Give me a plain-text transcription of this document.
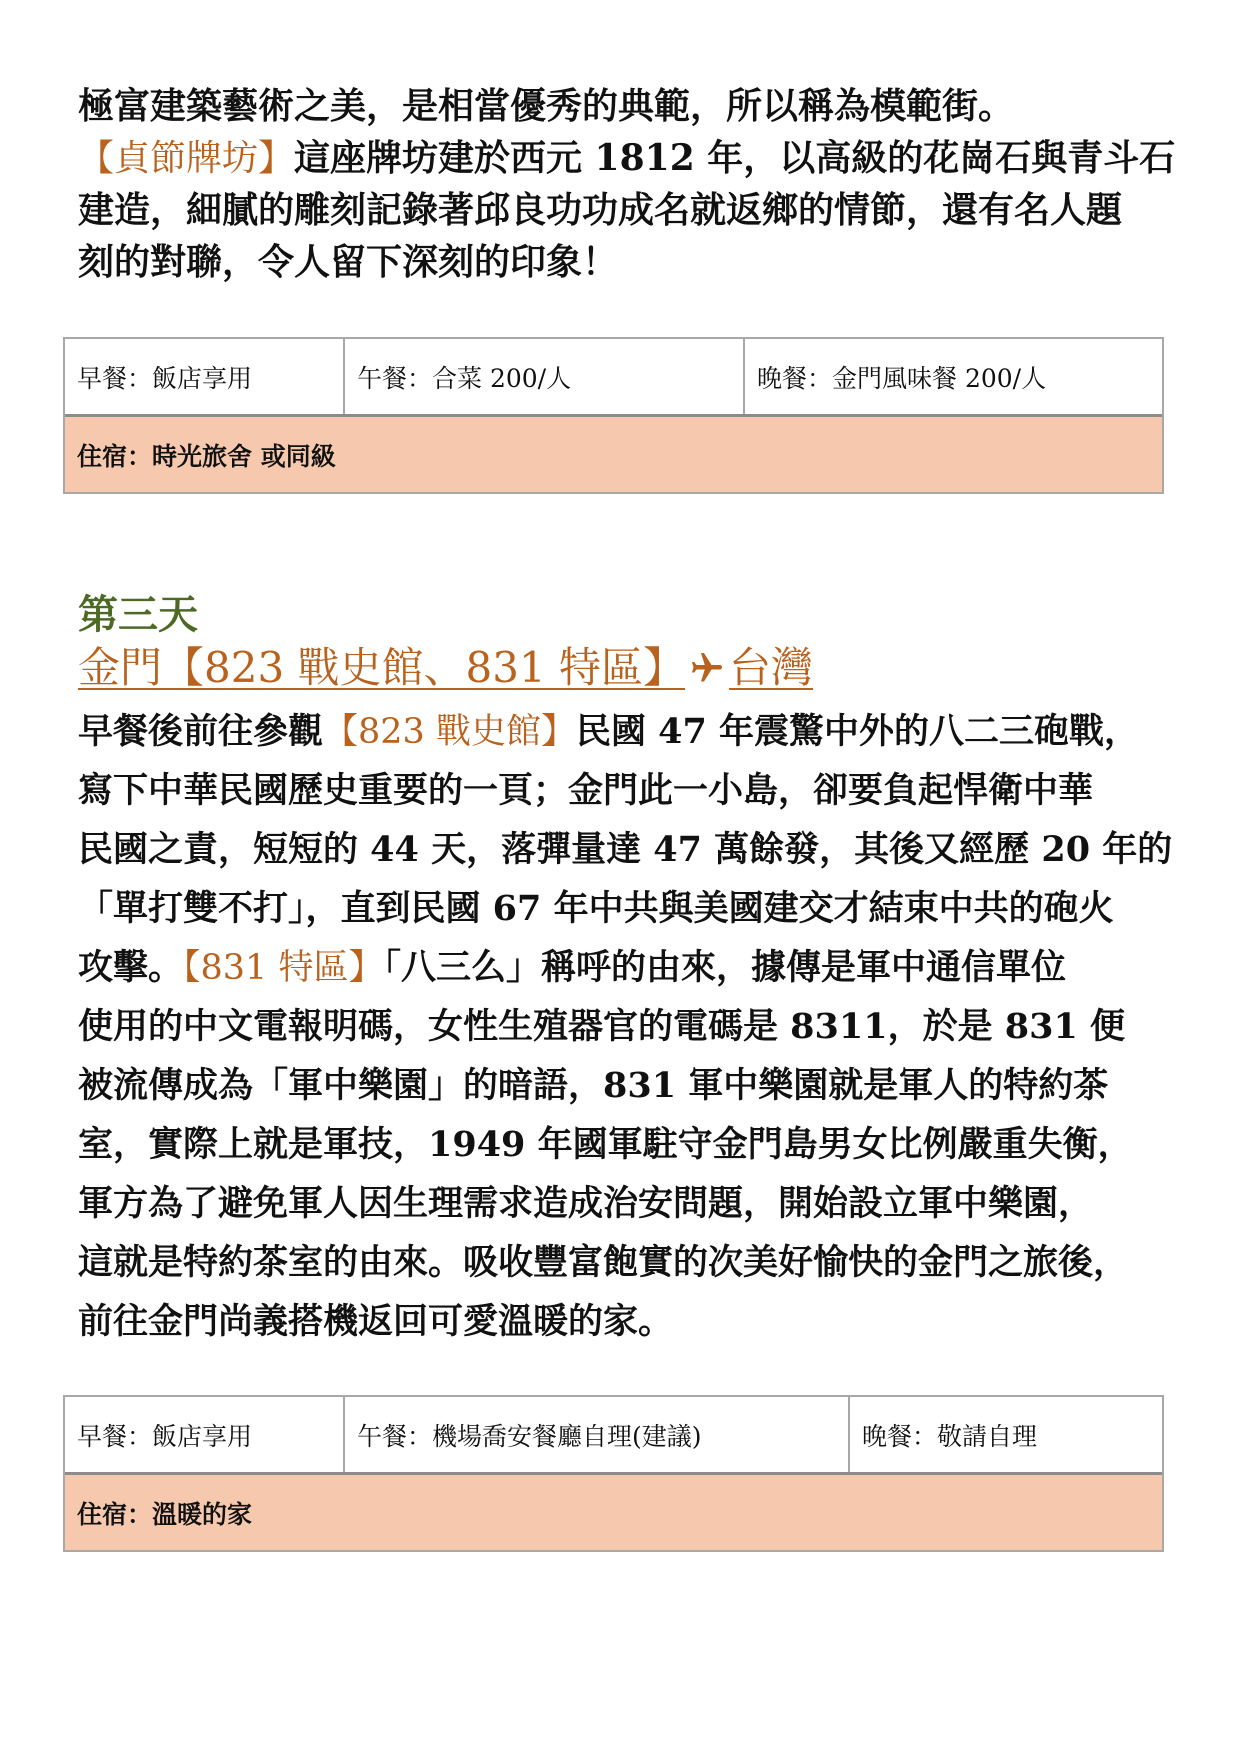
極富建築藝術之美，是相當優秀的典範，所以稱為模範街。
【貞節牌坊】這座牌坊建於西元 1812 年，以高級的花崗石與青斗石
建造，細膩的雕刻記錄著邱良功功成名就返鄉的情節，還有名人題
刻的對聯，令人留下深刻的印象！
早餐：飯店享用	午餐：合菜 200/人	晚餐：金門風味餐 200/人
住宿：時光旅舍 或同級
第三天
金門【823 戰史館、831 特區】 台灣
早餐後前往參觀【823 戰史館】民國 47 年震驚中外的八二三砲戰，
寫下中華民國歷史重要的一頁；金門此一小島，卻要負起悍衛中華
民國之責，短短的 44 天，落彈量達 47 萬餘發，其後又經歷 20 年的
「單打雙不打」，直到民國 67 年中共與美國建交才結束中共的砲火
攻擊。【831 特區】「八三么」稱呼的由來，據傳是軍中通信單位
使用的中文電報明碼，女性生殖器官的電碼是 8311，於是 831 便
被流傳成為「軍中樂園」的暗語，831 軍中樂園就是軍人的特約茶
室，實際上就是軍技，1949 年國軍駐守金門島男女比例嚴重失衡，
軍方為了避免軍人因生理需求造成治安問題，開始設立軍中樂園，
這就是特約茶室的由來。吸收豐富飽實的次美好愉快的金門之旅後，
前往金門尚義搭機返回可愛溫暖的家。
早餐：飯店享用	午餐：機場喬安餐廳自理(建議)	晚餐：敬請自理
住宿：溫暖的家
